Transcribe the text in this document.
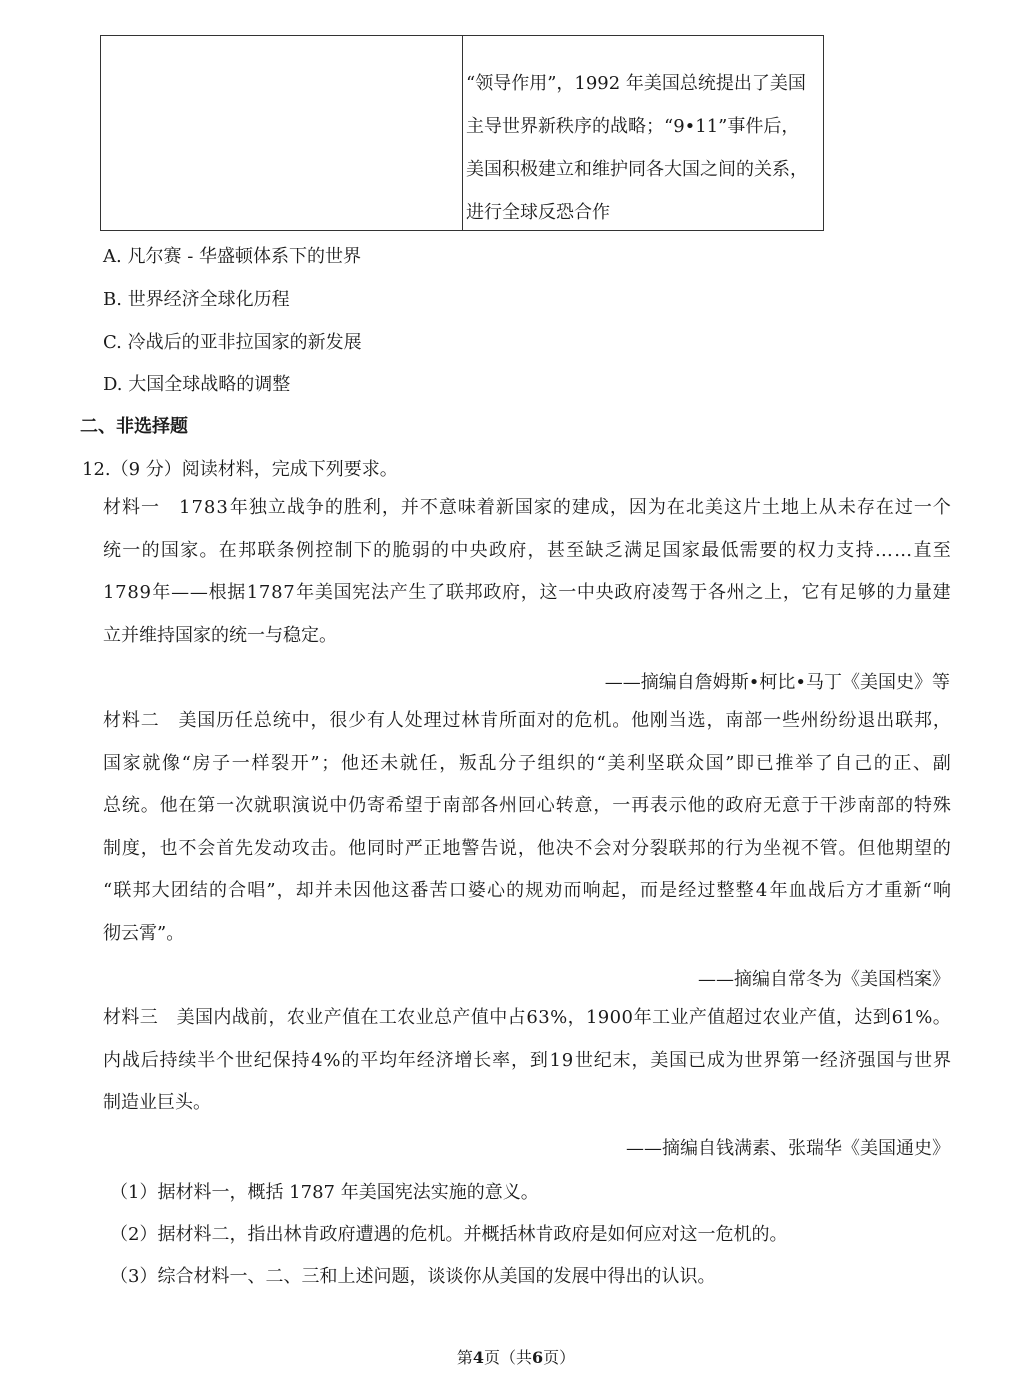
“领导作用”，1992 年美国总统提出了美国
主导世界新秩序的战略；“9•11”事件后，
美国积极建立和维护同各大国之间的关系，
进行全球反恐合作
A. 凡尔赛 - 华盛顿体系下的世界
B. 世界经济全球化历程
C. 冷战后的亚非拉国家的新发展
D. 大国全球战略的调整
二、非选择题
12.（9 分）阅读材料，完成下列要求。
材 料 一
　 1 7 8 3 年 独 立 战 争 的 胜 利 ， 并 不 意 味 着 新 国 家 的 建 成 ， 因 为 在 北 美 这 片 土 地 上 从 未 存 在 过 一 个
统 一 的 国 家 。 在 邦 联 条 例 控 制 下 的 脆 弱 的 中 央 政 府 ， 甚 至 缺 乏 满 足 国 家 最 低 需 要 的 权 力 支 持 … … 直 至
1 7 8 9 年 — — 根 据 1 7 8 7 年 美 国 宪 法 产 生 了 联 邦 政 府 ， 这 一 中 央 政 府 凌 驾 于 各 州 之 上 ， 它 有 足 够 的 力 量 建
立并维持国家的统一与稳定。
——摘编自詹姆斯•柯比•马丁《美国史》等
材 料 二
　 美 国 历 任 总 统 中 ， 很 少 有 人 处 理 过 林 肯 所 面 对 的 危 机 。 他 刚 当 选 ， 南 部 一 些 州 纷 纷 退 出 联 邦 ，
国 家 就 像 “ 房 子 一 样 裂 开 ” ； 他 还 未 就 任 ， 叛 乱 分 子 组 织 的 “ 美 利 坚 联 众 国 ” 即 已 推 举 了 自 己 的 正 、 副
总 统 。 他 在 第 一 次 就 职 演 说 中 仍 寄 希 望 于 南 部 各 州 回 心 转 意 ， 一 再 表 示 他 的 政 府 无 意 于 干 涉 南 部 的 特 殊
制 度 ， 也 不 会 首 先 发 动 攻 击 。 他 同 时 严 正 地 警 告 说 ， 他 决 不 会 对 分 裂 联 邦 的 行 为 坐 视 不 管 。 但 他 期 望 的
“ 联 邦 大 团 结 的 合 唱 ” ， 却 并 未 因 他 这 番 苦 口 婆 心 的 规 劝 而 响 起 ， 而 是 经 过 整 整 4 年 血 战 后 方 才 重 新 “ 响
彻云霄”。
——摘编自常冬为《美国档案》
材 料 三
　 美 国 内 战 前 ， 农 业 产 值 在 工 农 业 总 产 值 中 占 6 3 % ， 1 9 0 0 年 工 业 产 值 超 过 农 业 产 值 ， 达 到 6 1 % 。
内 战 后 持 续 半 个 世 纪 保 持 4 % 的 平 均 年 经 济 增 长 率 ， 到 1 9 世 纪 末 ， 美 国 已 成 为 世 界 第 一 经 济 强 国 与 世 界
制造业巨头。
——摘编自钱满素、张瑞华《美国通史》
（1）据材料一，概括 1787 年美国宪法实施的意义。
（2）据材料二，指出林肯政府遭遇的危机。并概括林肯政府是如何应对这一危机的。
（3）综合材料一、二、三和上述问题，谈谈你从美国的发展中得出的认识。
第4页（共6页）
